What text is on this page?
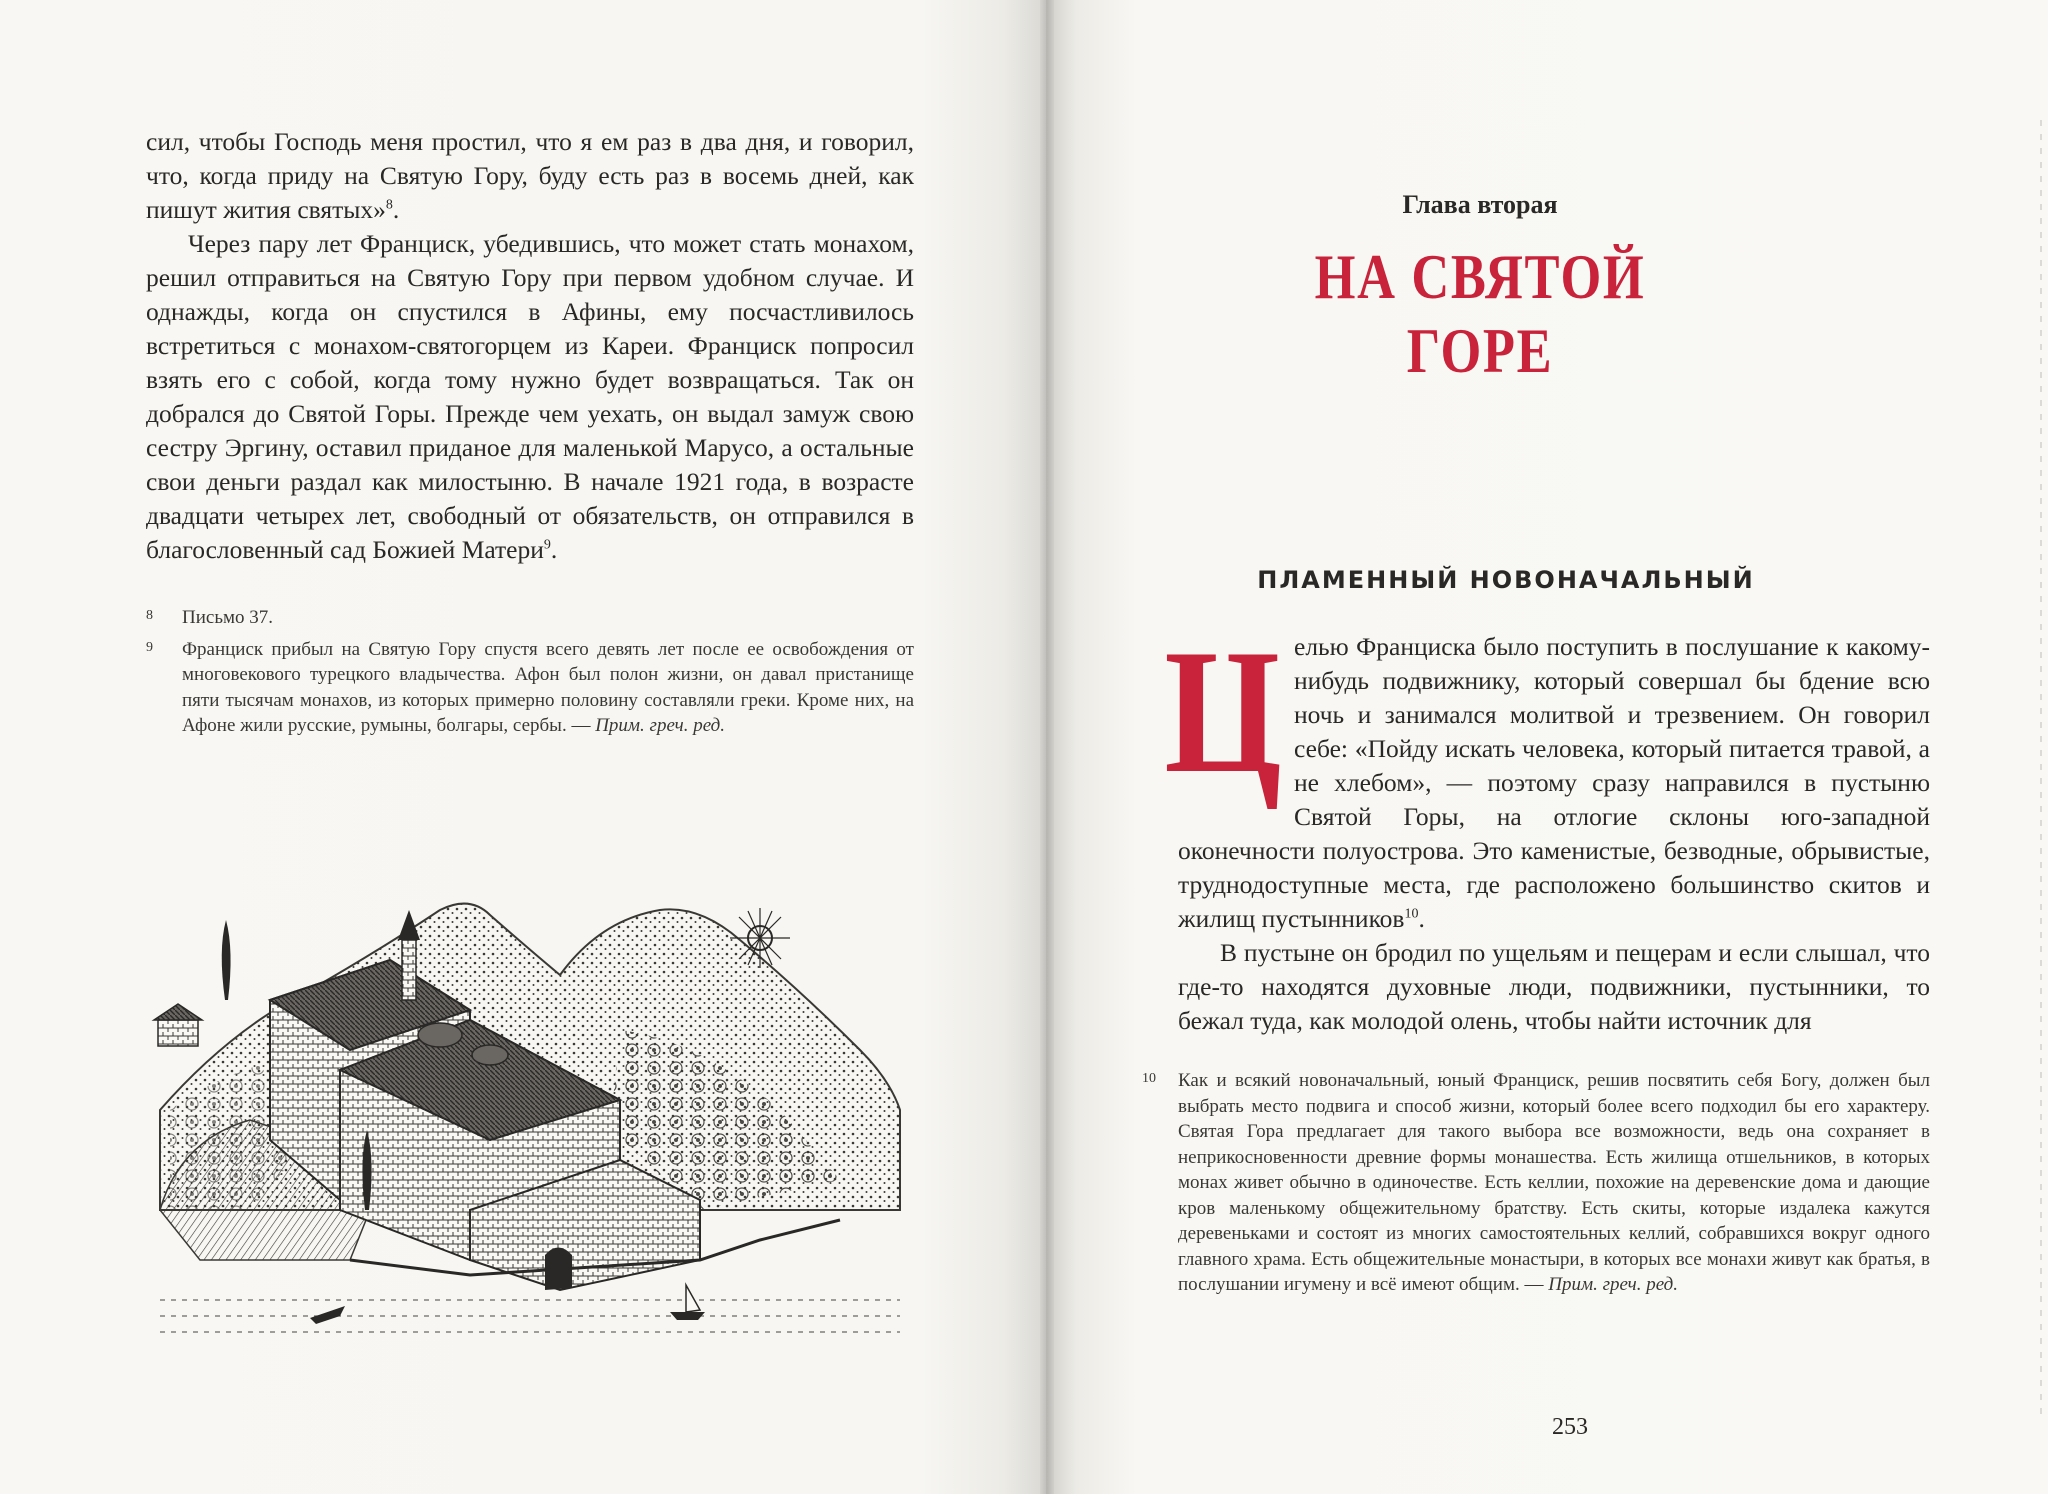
сил, чтобы Господь меня простил, что я ем раз в два дня, и говорил, что, когда приду на Святую Гору, буду есть раз в восемь дней, как пишут жития святых»$^8$.

Через пару лет Франциск, убедившись, что может стать монахом, решил отправиться на Святую Гору при первом удобном случае. И однажды, когда он спустился в Афины, ему посчастливилось встретиться с монахом-святогорцем из Кареи. Франциск попросил взять его с собой, когда тому нужно будет возвращаться. Так он добрался до Святой Горы. Прежде чем уехать, он выдал замуж свою сестру Эргину, оставил приданое для маленькой Марусо, а остальные свои деньги раздал как милостыню. В начале 1921 года, в возрасте двадцати четырех лет, свободный от обязательств, он отправился в благословенный сад Божией Матери$^9$.

8 Письмо 37.
9 Франциск прибыл на Святую Гору спустя всего девять лет после ее освобождения от многовекового турецкого владычества. Афон был полон жизни, он давал пристанище пяти тысячам монахов, из которых примерно половину составляли греки. Кроме них, на Афоне жили русские, румыны, болгары, сербы. — Прим. греч. ред.
Глава вторая
НА СВЯТОЙ ГОРЕ
ПЛАМЕННЫЙ НОВОНАЧАЛЬНЫЙ

Целью Франциска было поступить в послушание к какому-нибудь подвижнику, который совершал бы бдение всю ночь и занимался молитвой и трезвением. Он говорил себе: «Пойду искать человека, который питается травой, а не хлебом», — поэтому сразу направился в пустыню Святой Горы, на отлогие склоны юго-западной оконечности полуострова. Это каменистые, безводные, обрывистые, труднодоступные места, где расположено большинство скитов и жилищ пустынников$^{10}$.

В пустыне он бродил по ущельям и пещерам и если слышал, что где-то находятся духовные люди, подвижники, пустынники, то бежал туда, как молодой олень, чтобы найти источник для

10 Как и всякий новоначальный, юный Франциск, решив посвятить себя Богу, должен был выбрать место подвига и способ жизни, который более всего подходил бы его характеру. Святая Гора предлагает для такого выбора все возможности, ведь она сохраняет в неприкосновенности древние формы монашества. Есть жилища отшельников, в которых монах живет обычно в одиночестве. Есть келлии, похожие на деревенские дома и дающие кров маленькому общежительному братству. Есть скиты, которые издалека кажутся деревеньками и состоят из многих самостоятельных келлий, собравшихся вокруг одного главного храма. Есть общежительные монастыри, в которых все монахи живут как братья, в послушании игумену и всё имеют общим. — Прим. греч. ред.
253
